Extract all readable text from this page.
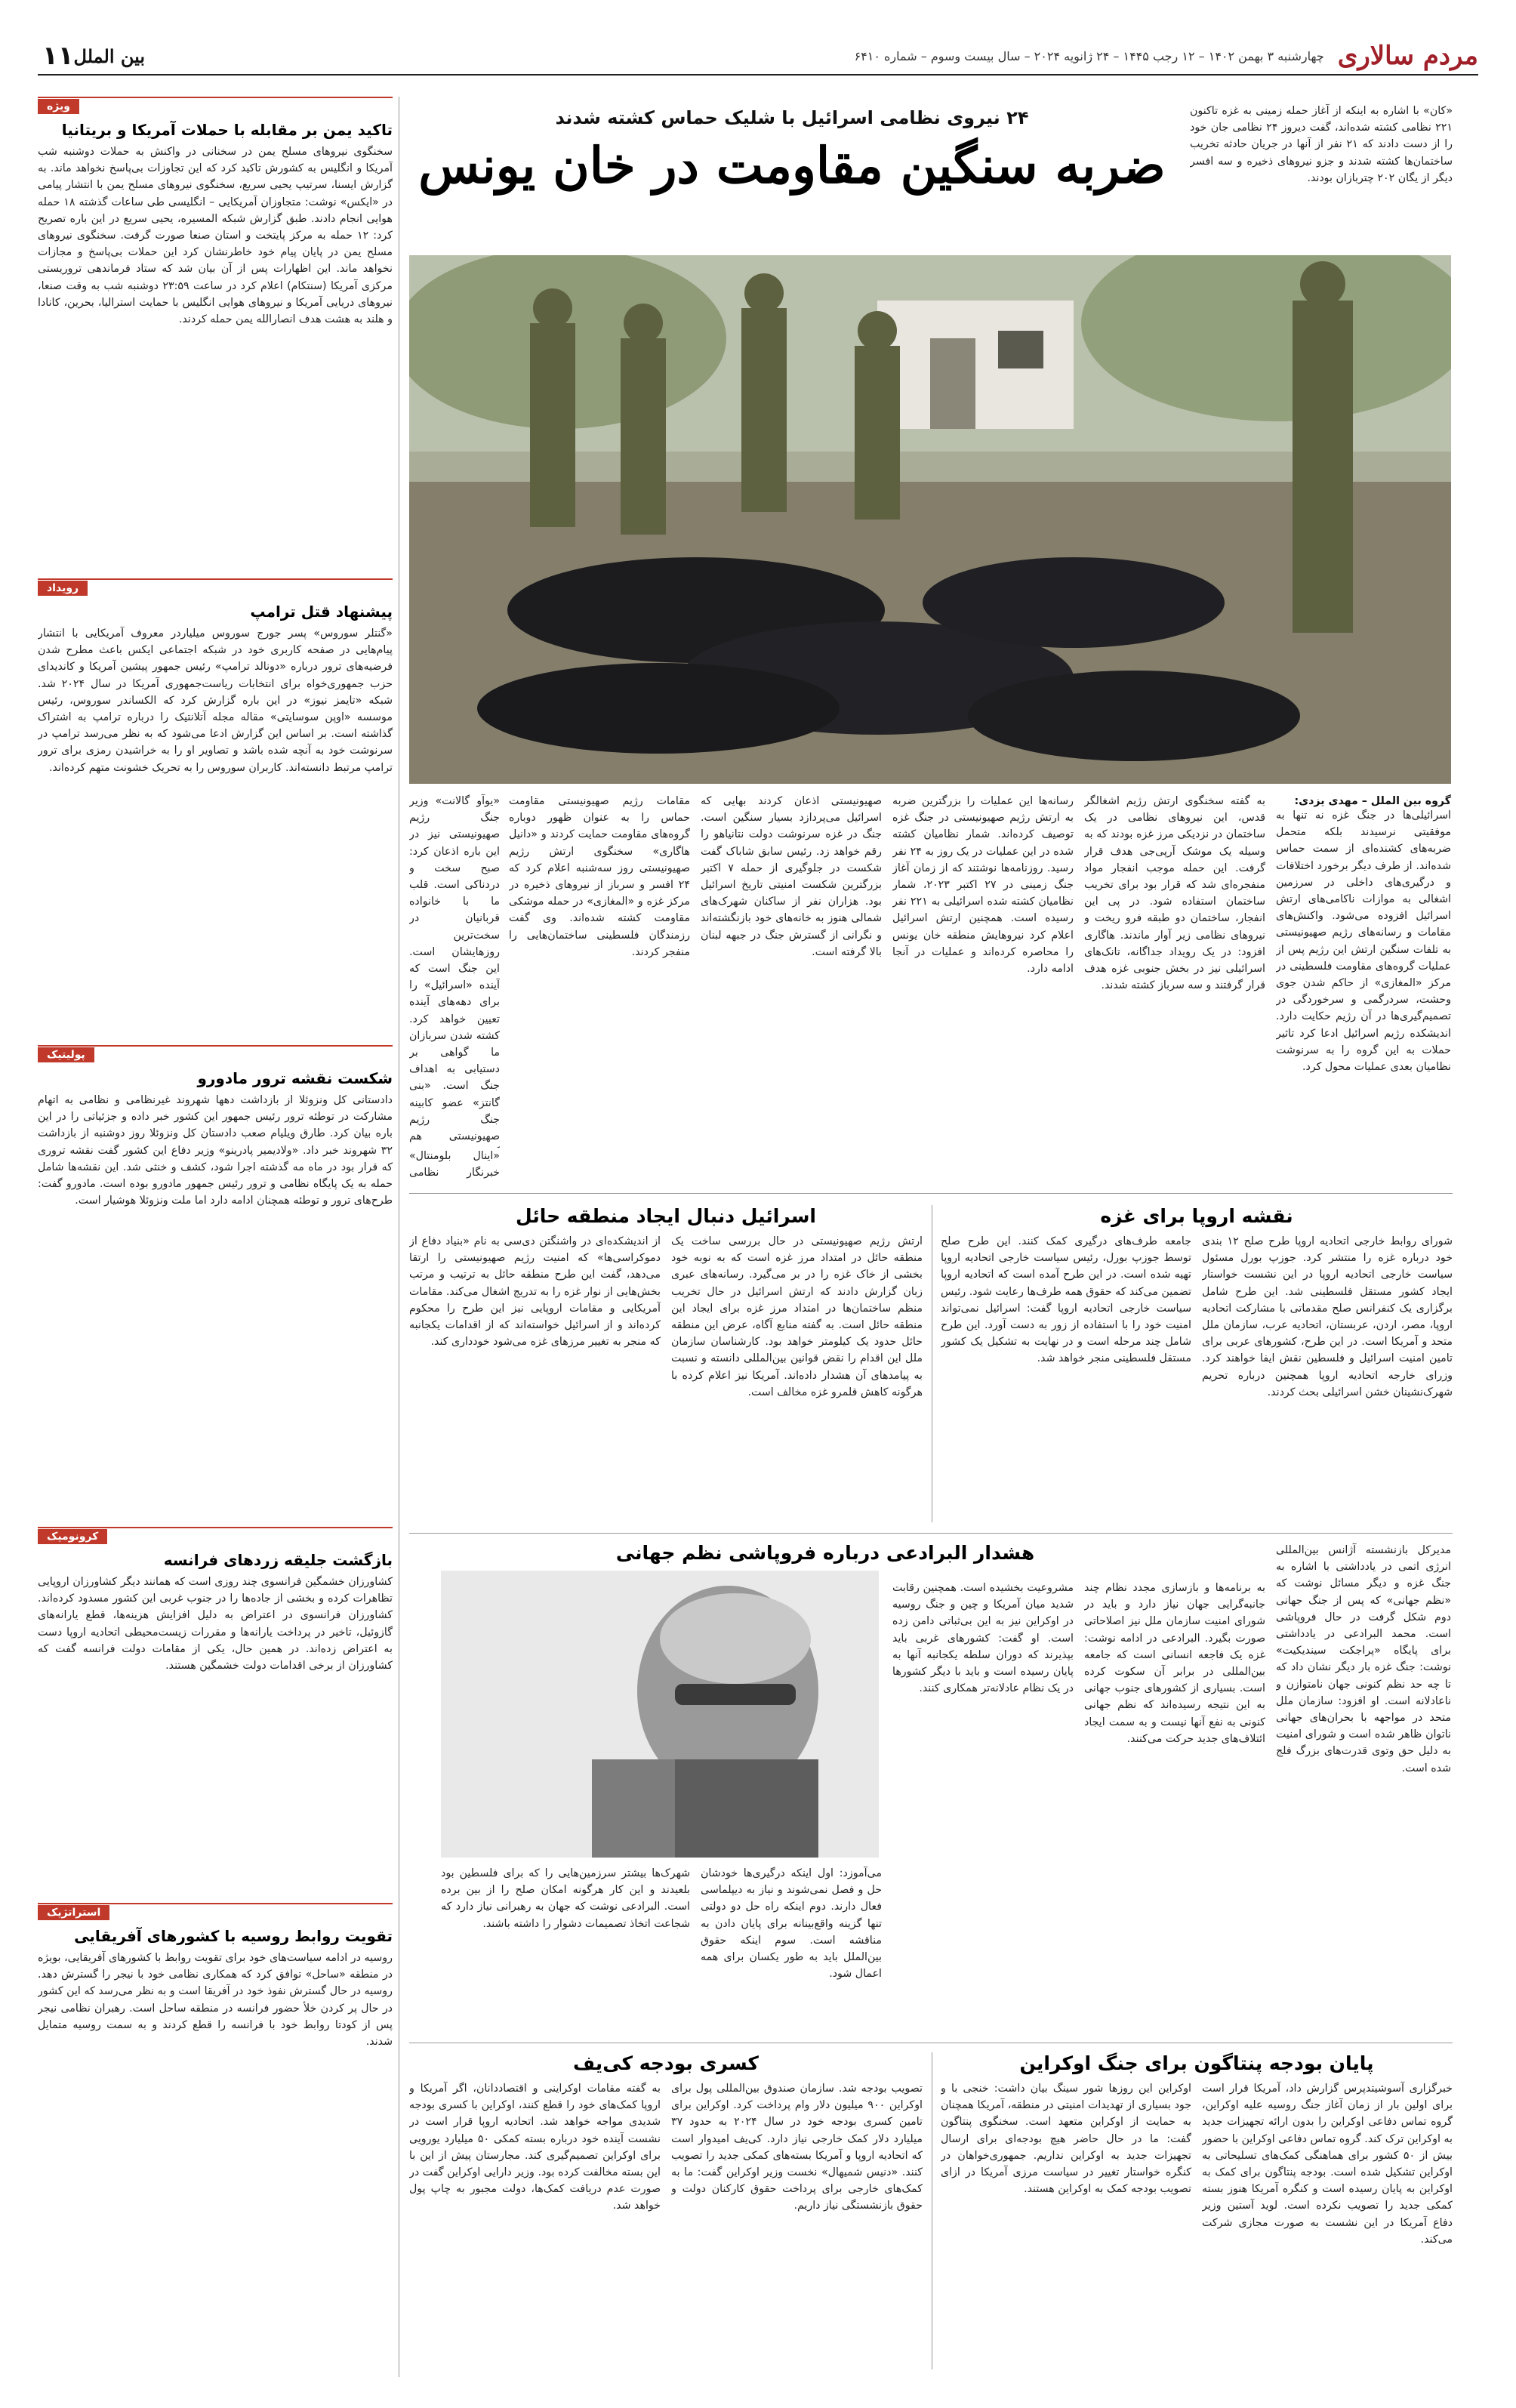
مردم سالاری
چهارشنبه ۳ بهمن ۱۴۰۲ – ۱۲ رجب ۱۴۴۵ – ۲۴ ژانویه ۲۰۲۴ – سال بیست وسوم – شماره ۶۴۱۰
بین الملل
۱۱
۲۴ نیروی نظامی اسرائیل با شلیک حماس کشته شدند
ضربه سنگین مقاومت در خان یونس
«کان» با اشاره به اینکه از آغاز حمله زمینی به غزه تاکنون ۲۲۱ نظامی کشته شده‌اند، گفت دیروز ۲۴ نظامی جان خود را از دست دادند که ۲۱ نفر از آنها در جریان حادثه تخریب ساختمان‌ها کشته شدند و جزو نیروهای ذخیره و سه افسر دیگر از یگان ۲۰۲ چتربازان بودند.
گروه بین الملل – مهدی یزدی:
اسرائیلی‌ها در جنگ غزه نه تنها به موفقیتی نرسیدند بلکه متحمل ضربه‌های کشنده‌ای از سمت حماس شده‌اند. از طرف دیگر برخورد اختلافات و درگیری‌های داخلی در سرزمین اشغالی به موازات ناکامی‌های ارتش اسرائیل افزوده می‌شود. واکنش‌های مقامات و رسانه‌های رژیم صهیونیستی به تلفات سنگین ارتش این رژیم پس از عملیات گروه‌های مقاومت فلسطینی در مرکز «المغازی» از حاکم شدن جوی وحشت، سردرگمی و سرخوردگی در تصمیم‌گیری‌ها در آن رژیم حکایت دارد. اندیشکده رژیم اسرائیل ادعا کرد تاثیر حملات به این گروه را به سرنوشت نظامیان بعدی عملیات محول کرد.
به گفته سخنگوی ارتش رژیم اشغالگر قدس، این نیروهای نظامی در یک ساختمان در نزدیکی مرز غزه بودند که به وسیله یک موشک آرپی‌جی هدف قرار گرفت. این حمله موجب انفجار مواد منفجره‌ای شد که قرار بود برای تخریب ساختمان استفاده شود. در پی این انفجار، ساختمان دو طبقه فرو ریخت و نیروهای نظامی زیر آوار ماندند. هاگاری افزود: در یک رویداد جداگانه، تانک‌های اسرائیلی نیز در بخش جنوبی غزه هدف قرار گرفتند و سه سرباز کشته شدند.
رسانه‌ها این عملیات را بزرگترین ضربه به ارتش رژیم صهیونیستی در جنگ غزه توصیف کرده‌اند. شمار نظامیان کشته شده در این عملیات در یک روز به ۲۴ نفر رسید. روزنامه‌ها نوشتند که از زمان آغاز جنگ زمینی در ۲۷ اکتبر ۲۰۲۳، شمار نظامیان کشته شده اسرائیلی به ۲۲۱ نفر رسیده است. همچنین ارتش اسرائیل اعلام کرد نیروهایش منطقه خان یونس را محاصره کرده‌اند و عملیات در آنجا ادامه دارد.
صهیونیستی اذعان کردند بهایی که اسرائیل می‌پردازد بسیار سنگین است. جنگ در غزه سرنوشت دولت نتانیاهو را رقم خواهد زد. رئیس سابق شاباک گفت شکست در جلوگیری از حمله ۷ اکتبر بزرگترین شکست امنیتی تاریخ اسرائیل بود. هزاران نفر از ساکنان شهرک‌های شمالی هنوز به خانه‌های خود بازنگشته‌اند و نگرانی از گسترش جنگ در جبهه لبنان بالا گرفته است.
مقامات رژیم صهیونیستی مقاومت حماس را به عنوان ظهور دوباره گروه‌های مقاومت حمایت کردند و «دانیل هاگاری» سخنگوی ارتش رژیم صهیونیستی روز سه‌شنبه اعلام کرد که ۲۴ افسر و سرباز از نیروهای ذخیره در مرکز غزه و «المغازی» در حمله موشکی مقاومت کشته شده‌اند. وی گفت رزمندگان فلسطینی ساختمان‌هایی را منفجر کردند.
«یوآو گالانت» وزیر جنگ رژیم صهیونیستی نیز در این باره اذعان کرد: صبح سخت و دردناکی است. قلب ما با خانواده قربانیان در سخت‌ترین روزهایشان است. این جنگ است که آینده «اسرائیل» را برای دهه‌های آینده تعیین خواهد کرد. کشته شدن سربازان ما گواهی بر دستیابی به اهداف جنگ است. «بنی گانتز» عضو کابینه جنگ رژیم صهیونیستی هم
«اینال بلومنتال» خبرنگار نظامی
نقشه اروپا برای غزه
شورای روابط خارجی اتحادیه اروپا طرح صلح ۱۲ بندی خود درباره غزه را منتشر کرد. جوزپ بورل مسئول سیاست خارجی اتحادیه اروپا در این نشست خواستار ایجاد کشور مستقل فلسطینی شد. این طرح شامل برگزاری یک کنفرانس صلح مقدماتی با مشارکت اتحادیه اروپا، مصر، اردن، عربستان، اتحادیه عرب، سازمان ملل متحد و آمریکا است. در این طرح، کشورهای عربی برای تامین امنیت اسرائیل و فلسطین نقش ایفا خواهند کرد. وزرای خارجه اتحادیه اروپا همچنین درباره تحریم شهرک‌نشینان خشن اسرائیلی بحث کردند.
جامعه طرف‌های درگیری کمک کنند. این طرح صلح توسط جوزپ بورل، رئیس سیاست خارجی اتحادیه اروپا تهیه شده است. در این طرح آمده است که اتحادیه اروپا تضمین می‌کند که حقوق همه طرف‌ها رعایت شود. رئیس سیاست خارجی اتحادیه اروپا گفت: اسرائیل نمی‌تواند امنیت خود را با استفاده از زور به دست آورد. این طرح شامل چند مرحله است و در نهایت به تشکیل یک کشور مستقل فلسطینی منجر خواهد شد.
اسرائیل دنبال ایجاد منطقه حائل
ارتش رژیم صهیونیستی در حال بررسی ساخت یک منطقه حائل در امتداد مرز غزه است که به نوبه خود بخشی از خاک غزه را در بر می‌گیرد. رسانه‌های عبری زبان گزارش دادند که ارتش اسرائیل در حال تخریب منظم ساختمان‌ها در امتداد مرز غزه برای ایجاد این منطقه حائل است. به گفته منابع آگاه، عرض این منطقه حائل حدود یک کیلومتر خواهد بود. کارشناسان سازمان ملل این اقدام را نقض قوانین بین‌المللی دانسته و نسبت به پیامدهای آن هشدار داده‌اند. آمریکا نیز اعلام کرده با هرگونه کاهش قلمرو غزه مخالف است.
از اندیشکده‌ای در واشنگتن دی‌سی به نام «بنیاد دفاع از دموکراسی‌ها» که امنیت رژیم صهیونیستی را ارتقا می‌دهد، گفت این طرح منطقه حائل به ترتیب و مرتب بخش‌هایی از نوار غزه را به تدریج اشغال می‌کند. مقامات آمریکایی و مقامات اروپایی نیز این طرح را محکوم کرده‌اند و از اسرائیل خواسته‌اند که از اقدامات یکجانبه که منجر به تغییر مرزهای غزه می‌شود خودداری کند.
هشدار البرادعی درباره فروپاشی نظم جهانی	مدیرکل بازنشسته آژانس بین‌المللی انرژی اتمی در یادداشتی با اشاره به جنگ غزه و دیگر مسائل نوشت که «نظم جهانی» که پس از جنگ جهانی دوم شکل گرفت در حال فروپاشی است. محمد البرادعی در یادداشتی برای پایگاه «پراجکت سیندیکیت» نوشت: جنگ غزه بار دیگر نشان داد که تا چه حد نظم کنونی جهان نامتوازن و ناعادلانه است. او افزود: سازمان ملل متحد در مواجهه با بحران‌های جهانی ناتوان ظاهر شده است و شورای امنیت به دلیل حق وتوی قدرت‌های بزرگ فلج شده است.
به برنامه‌ها و بازسازی مجدد نظام چند جانبه‌گرایی جهان نیاز دارد و باید در شورای امنیت سازمان ملل نیز اصلاحاتی صورت بگیرد. البرادعی در ادامه نوشت: غزه یک فاجعه انسانی است که جامعه بین‌المللی در برابر آن سکوت کرده است. بسیاری از کشورهای جنوب جهانی به این نتیجه رسیده‌اند که نظم جهانی کنونی به نفع آنها نیست و به سمت ایجاد ائتلاف‌های جدید حرکت می‌کنند.
مشروعیت بخشیده است. همچنین رقابت شدید میان آمریکا و چین و جنگ روسیه در اوکراین نیز به این بی‌ثباتی دامن زده است. او گفت: کشورهای غربی باید بپذیرند که دوران سلطه یکجانبه آنها به پایان رسیده است و باید با دیگر کشورها در یک نظام عادلانه‌تر همکاری کنند.
می‌آموزد: اول اینکه درگیری‌ها خودشان حل و فصل نمی‌شوند و نیاز به دیپلماسی فعال دارند. دوم اینکه راه حل دو دولتی تنها گزینه واقع‌بینانه برای پایان دادن به مناقشه است. سوم اینکه حقوق بین‌الملل باید به طور یکسان برای همه اعمال شود.
شهرک‌ها بیشتر سرزمین‌هایی را که برای فلسطین بود بلعیدند و این کار هرگونه امکان صلح را از بین برده است. البرادعی نوشت که جهان به رهبرانی نیاز دارد که شجاعت اتخاذ تصمیمات دشوار را داشته باشند.
پایان بودجه پنتاگون برای جنگ اوکراین
خبرگزاری آسوشیتدپرس گزارش داد، آمریکا قرار است برای اولین بار از زمان آغاز جنگ روسیه علیه اوکراین، گروه تماس دفاعی اوکراین را بدون ارائه تجهیزات جدید به اوکراین ترک کند. گروه تماس دفاعی اوکراین با حضور بیش از ۵۰ کشور برای هماهنگی کمک‌های تسلیحاتی به اوکراین تشکیل شده است. بودجه پنتاگون برای کمک به اوکراین به پایان رسیده است و کنگره آمریکا هنوز بسته کمکی جدید را تصویب نکرده است. لوید آستین وزیر دفاع آمریکا در این نشست به صورت مجازی شرکت می‌کند.
اوکراین این روزها شور سینگ بیان داشت: خنجی با و جود بسیاری از تهدیدات امنیتی در منطقه، آمریکا همچنان به حمایت از اوکراین متعهد است. سخنگوی پنتاگون گفت: ما در حال حاضر هیچ بودجه‌ای برای ارسال تجهیزات جدید به اوکراین نداریم. جمهوری‌خواهان در کنگره خواستار تغییر در سیاست مرزی آمریکا در ازای تصویب بودجه کمک به اوکراین هستند.
کسری بودجه کی‌یف
تصویب بودجه شد. سازمان صندوق بین‌المللی پول برای اوکراین ۹۰۰ میلیون دلار وام پرداخت کرد. اوکراین برای تامین کسری بودجه خود در سال ۲۰۲۴ به حدود ۳۷ میلیارد دلار کمک خارجی نیاز دارد. کی‌یف امیدوار است که اتحادیه اروپا و آمریکا بسته‌های کمکی جدید را تصویب کنند. «دنیس شمیهال» نخست وزیر اوکراین گفت: ما به کمک‌های خارجی برای پرداخت حقوق کارکنان دولت و حقوق بازنشستگی نیاز داریم.
به گفته مقامات اوکراینی و اقتصاددانان، اگر آمریکا و اروپا کمک‌های خود را قطع کنند، اوکراین با کسری بودجه شدیدی مواجه خواهد شد. اتحادیه اروپا قرار است در نشست آینده خود درباره بسته کمکی ۵۰ میلیارد یورویی برای اوکراین تصمیم‌گیری کند. مجارستان پیش از این با این بسته مخالفت کرده بود. وزیر دارایی اوکراین گفت در صورت عدم دریافت کمک‌ها، دولت مجبور به چاپ پول خواهد شد.
ویژه
تاکید یمن بر مقابله با حملات آمریکا و بریتانیا
سخنگوی نیروهای مسلح یمن در سخنانی در واکنش به حملات دوشنبه شب آمریکا و انگلیس به کشورش تاکید کرد که این تجاوزات بی‌پاسخ نخواهد ماند. به گزارش ایسنا، سرتیپ یحیی سریع، سخنگوی نیروهای مسلح یمن با انتشار پیامی در «ایکس» نوشت: متجاوزان آمریکایی – انگلیسی طی ساعات گذشته ۱۸ حمله هوایی انجام دادند. طبق گزارش شبکه المسیره، یحیی سریع در این باره تصریح کرد: ۱۲ حمله به مرکز پایتخت و استان صنعا صورت گرفت. سخنگوی نیروهای مسلح یمن در پایان پیام خود خاطرنشان کرد این حملات بی‌پاسخ و مجازات نخواهد ماند. این اظهارات پس از آن بیان شد که ستاد فرماندهی تروریستی مرکزی آمریکا (سنتکام) اعلام کرد در ساعت ۲۳:۵۹ دوشنبه شب به وقت صنعا، نیروهای دریایی آمریکا و نیروهای هوایی انگلیس با حمایت استرالیا، بحرین، کانادا و هلند به هشت هدف انصارالله یمن حمله کردند.
رویداد
پیشنهاد قتل ترامپ
«گنتلر سوروس» پسر جورج سوروس میلیاردر معروف آمریکایی با انتشار پیام‌هایی در صفحه کاربری خود در شبکه اجتماعی ایکس باعث مطرح شدن فرضیه‌های ترور درباره «دونالد ترامپ» رئیس جمهور پیشین آمریکا و کاندیدای حزب جمهوری‌خواه برای انتخابات ریاست‌جمهوری آمریکا در سال ۲۰۲۴ شد. شبکه «تایمز نیوز» در این باره گزارش کرد که الکساندر سوروس، رئیس موسسه «اوپن سوسایتی» مقاله مجله آتلانتیک را درباره ترامپ به اشتراک گذاشته است. بر اساس این گزارش ادعا می‌شود که به نظر می‌رسد ترامپ در سرنوشت خود به آنچه شده باشد و تصاویر او را به خراشیدن رمزی برای ترور ترامپ مرتبط دانسته‌اند. کاربران سوروس را به تحریک خشونت متهم کرده‌اند.
پولیتیک
شکست نقشه ترور مادورو
دادستانی کل ونزوئلا از بازداشت دهها شهروند غیرنظامی و نظامی به اتهام مشارکت در توطئه ترور رئیس جمهور این کشور خبر داده و جزئیاتی را در این باره بیان کرد. طارق ویلیام صعب دادستان کل ونزوئلا روز دوشنبه از بازداشت ۳۲ شهروند خبر داد. «ولادیمیر پادرینو» وزیر دفاع این کشور گفت نقشه تروری که قرار بود در ماه مه گذشته اجرا شود، کشف و خنثی شد. این نقشه‌ها شامل حمله به یک پایگاه نظامی و ترور رئیس جمهور مادورو بوده است. مادورو گفت: طرح‌های ترور و توطئه همچنان ادامه دارد اما ملت ونزوئلا هوشیار است.
کرونومیک
بازگشت جلیقه زردهای فرانسه
کشاورزان خشمگین فرانسوی چند روزی است که همانند دیگر کشاورزان اروپایی تظاهرات کرده و بخشی از جاده‌ها را در جنوب غربی این کشور مسدود کرده‌اند. کشاورزان فرانسوی در اعتراض به دلیل افزایش هزینه‌ها، قطع یارانه‌های گازوئیل، تاخیر در پرداخت یارانه‌ها و مقررات زیست‌محیطی اتحادیه اروپا دست به اعتراض زده‌اند. در همین حال، یکی از مقامات دولت فرانسه گفت که کشاورزان از برخی اقدامات دولت خشمگین هستند.
استراتژیک
تقویت روابط روسیه با کشورهای آفریقایی
روسیه در ادامه سیاست‌های خود برای تقویت روابط با کشورهای آفریقایی، بویژه در منطقه «ساحل» توافق کرد که همکاری نظامی خود با نیجر را گسترش دهد. روسیه در حال گسترش نفوذ خود در آفریقا است و به نظر می‌رسد که این کشور در حال پر کردن خلأ حضور فرانسه در منطقه ساحل است. رهبران نظامی نیجر پس از کودتا روابط خود با فرانسه را قطع کردند و به سمت روسیه متمایل شدند.
